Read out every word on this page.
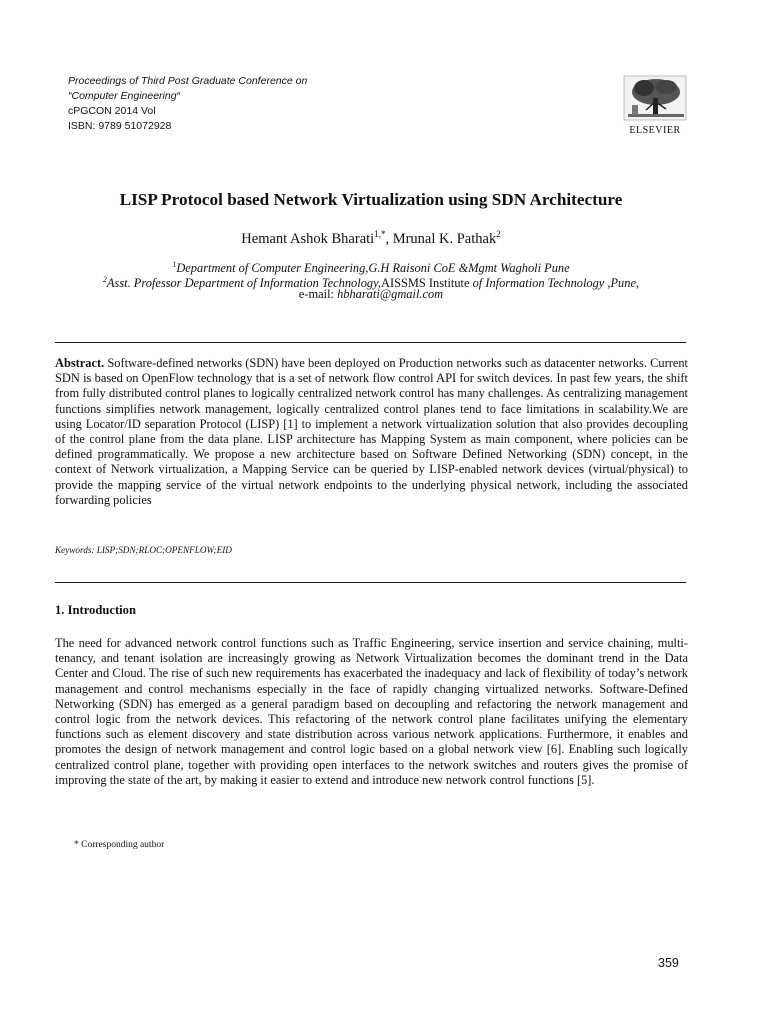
Proceedings of Third Post Graduate Conference on
“Computer Engineering“
cPGCON 2014 Vol
ISBN: 9789 51072928	ELSEVIER
LISP Protocol based Network Virtualization using SDN Architecture
Hemant Ashok Bharati$^{1,*}$, Mrunal K. Pathak$^2$
$^1$Department of Computer Engineering,G.H Raisoni CoE &Mgmt Wagholi Pune
$^2$Asst. Professor Department of Information Technology,AISSMS Institute of Information Technology ,Pune,
e-mail: hbharati@gmail.com
Abstract. Software-defined networks (SDN) have been deployed on Production networks such as datacenter networks. Current SDN is based on OpenFlow technology that is a set of network flow control API for switch devices. In past few years, the shift from fully distributed control planes to logically centralized network control has many challenges. As centralizing management functions simplifies network management, logically centralized control planes tend to face limitations in scalability.We are using Locator/ID separation Protocol (LISP) [1] to implement a network virtualization solution that also provides decoupling of the control plane from the data plane. LISP architecture has Mapping System as main component, where policies can be defined programmatically. We propose a new architecture based on Software Defined Networking (SDN) concept, in the context of Network virtualization, a Mapping Service can be queried by LISP-enabled network devices (virtual/physical) to provide the mapping service of the virtual network endpoints to the underlying physical network, including the associated forwarding policies
Keywords: LISP;SDN;RLOC;OPENFLOW;EID
1. Introduction
The need for advanced network control functions such as Traffic Engineering, service insertion and service chaining, multi-tenancy, and tenant isolation are increasingly growing as Network Virtualization becomes the dominant trend in the Data Center and Cloud. The rise of such new requirements has exacerbated the inadequacy and lack of flexibility of today’s network management and control mechanisms especially in the face of rapidly changing virtualized networks. Software-Defined Networking (SDN) has emerged as a general paradigm based on decoupling and refactoring the network management and control logic from the network devices. This refactoring of the network control plane facilitates unifying the elementary functions such as element discovery and state distribution across various network applications. Furthermore, it enables and promotes the design of network management and control logic based on a global network view [6]. Enabling such logically centralized control plane, together with providing open interfaces to the network switches and routers gives the promise of improving the state of the art, by making it easier to extend and introduce new network control functions [5].
* Corresponding author
359
